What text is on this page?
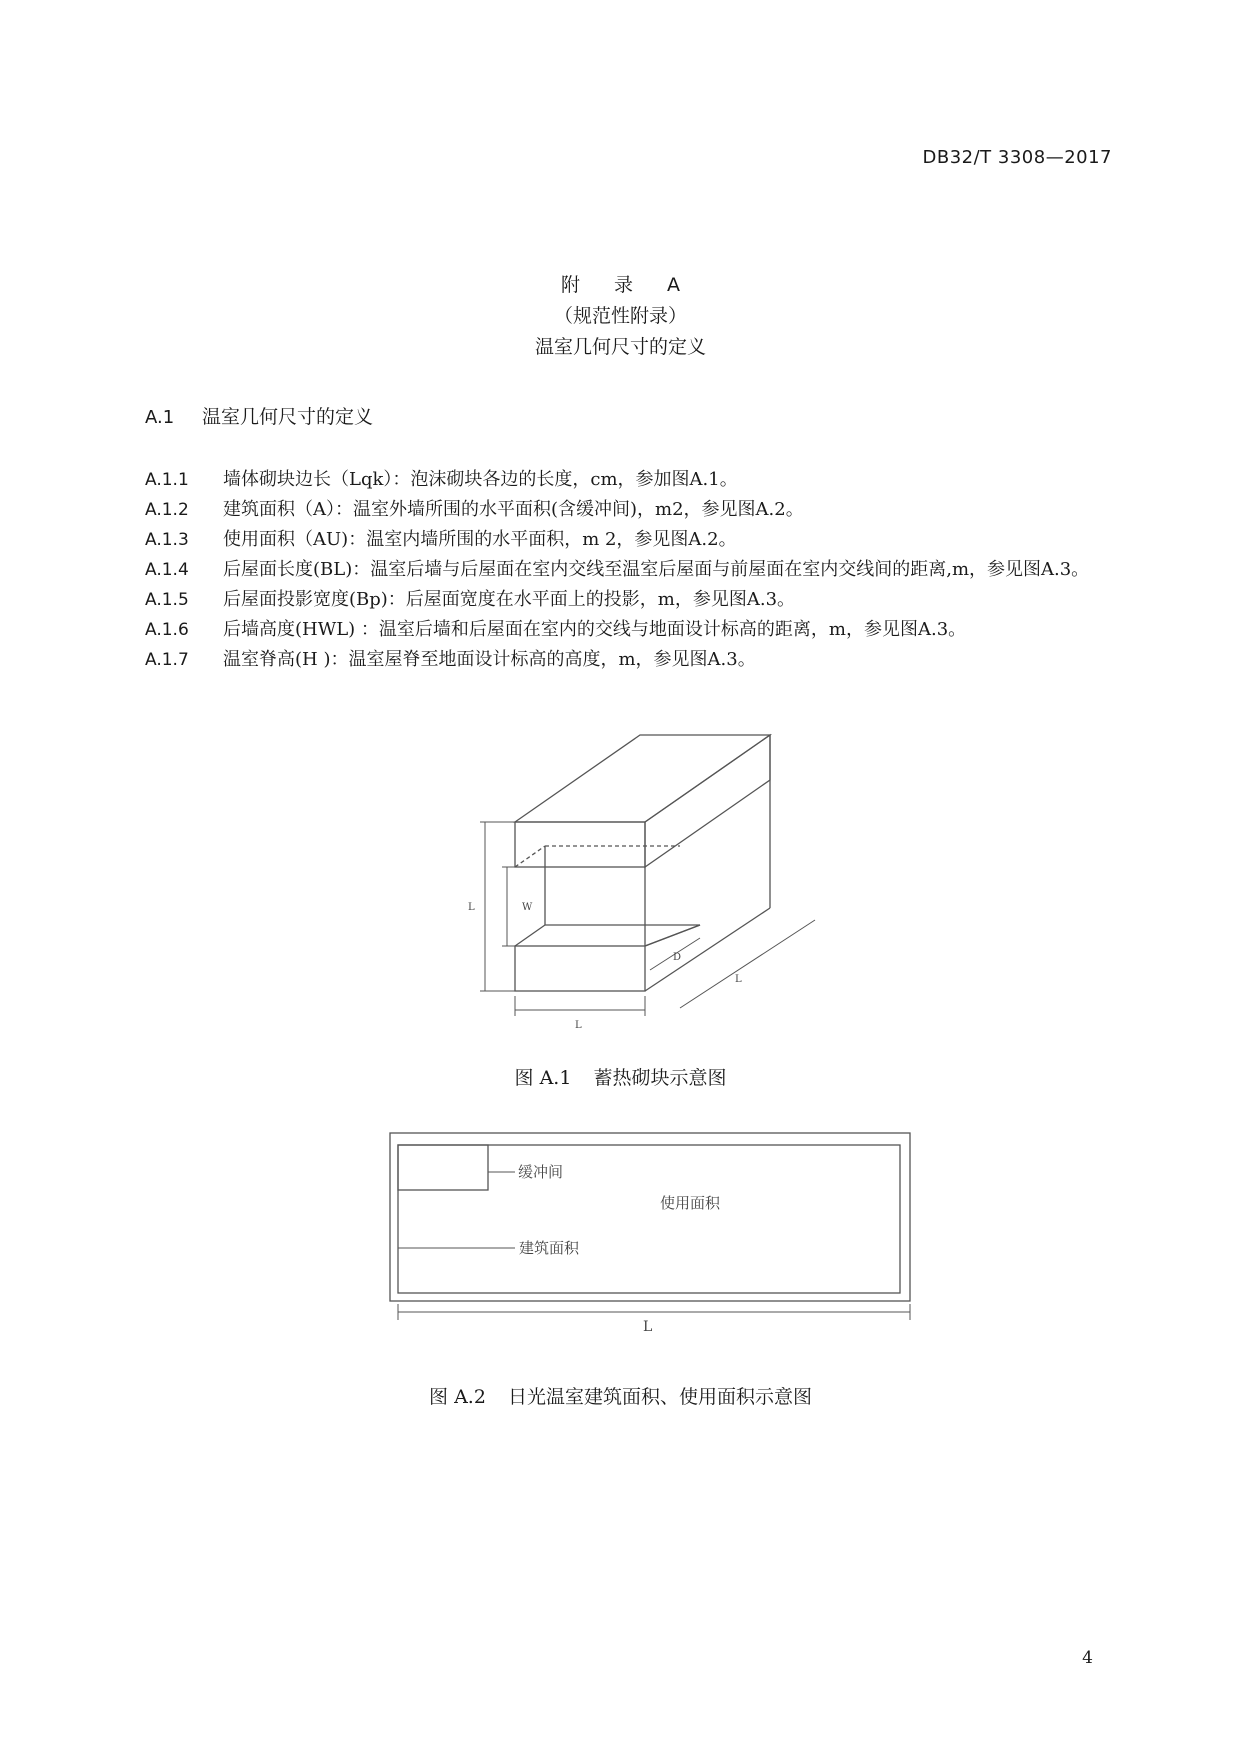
DB32/T 3308—2017
附 录 A
（规范性附录）
温室几何尺寸的定义
A.1 温室几何尺寸的定义
A.1.1 墙体砌块边长（Lqk）：泡沫砌块各边的长度，cm，参加图A.1。
A.1.2 建筑面积（A）：温室外墙所围的水平面积(含缓冲间)，m2，参见图A.2。
A.1.3 使用面积（AU)：温室内墙所围的水平面积，m 2，参见图A.2。
A.1.4 后屋面长度(BL)：温室后墙与后屋面在室内交线至温室后屋面与前屋面在室内交线间的距离,m，参见图A.3。
A.1.5 后屋面投影宽度(Bp)：后屋面宽度在水平面上的投影，m，参见图A.3。
A.1.6 后墙高度(HWL) ：温室后墙和后屋面在室内的交线与地面设计标高的距离，m，参见图A.3。
A.1.7 温室脊高(H )：温室屋脊至地面设计标高的高度，m，参见图A.3。
L	W
D
L
L
图 A.1 蓄热砌块示意图
缓冲间
使用面积
建筑面积
L
图 A.2 日光温室建筑面积、使用面积示意图
4
